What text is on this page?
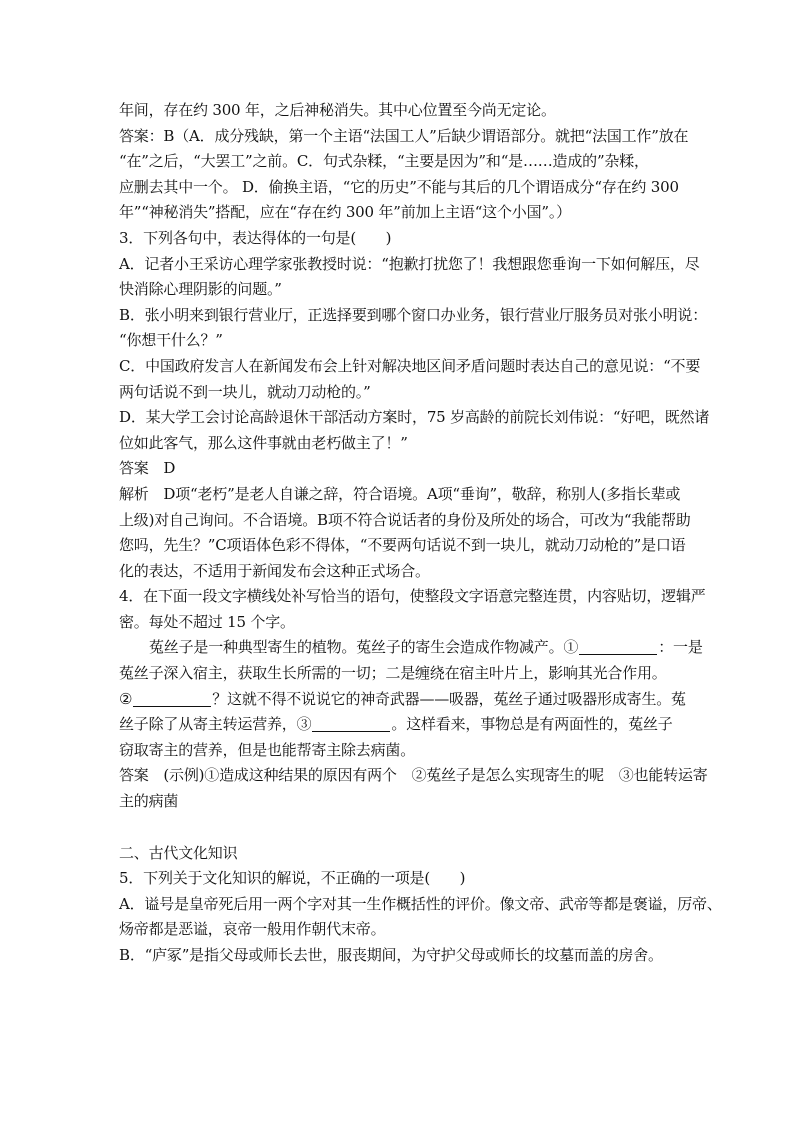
年间，存在约 300 年，之后神秘消失。其中心位置至今尚无定论。
答案：B（A．成分残缺，第一个主语“法国工人”后缺少谓语部分。就把“法国工作”放在
“在”之后，“大罢工”之前。C．句式杂糅，“主要是因为”和“是……造成的”杂糅，
应删去其中一个。 D．偷换主语，“它的历史”不能与其后的几个谓语成分“存在约 300
年”“神秘消失”搭配，应在“存在约 300 年”前加上主语“这个小国”。）
3．下列各句中，表达得体的一句是(　　)
A．记者小王采访心理学家张教授时说：“抱歉打扰您了！我想跟您垂询一下如何解压，尽
快消除心理阴影的问题。”
B．张小明来到银行营业厅，正选择要到哪个窗口办业务，银行营业厅服务员对张小明说：
“你想干什么？”
C．中国政府发言人在新闻发布会上针对解决地区间矛盾问题时表达自己的意见说：“不要
两句话说不到一块儿，就动刀动枪的。”
D．某大学工会讨论高龄退休干部活动方案时，75 岁高龄的前院长刘伟说：“好吧，既然诸
位如此客气，那么这件事就由老朽做主了！”
答案　D
解析　D项“老朽”是老人自谦之辞，符合语境。A项“垂询”，敬辞，称别人(多指长辈或
上级)对自己询问。不合语境。B项不符合说话者的身份及所处的场合，可改为“我能帮助
您吗，先生？”C项语体色彩不得体，“不要两句话说不到一块儿，就动刀动枪的”是口语
化的表达，不适用于新闻发布会这种正式场合。
4．在下面一段文字横线处补写恰当的语句，使整段文字语意完整连贯，内容贴切，逻辑严
密。每处不超过 15 个字。
菟丝子是一种典型寄生的植物。菟丝子的寄生会造成作物减产。①	：一是
菟丝子深入宿主，获取生长所需的一切；二是缠绕在宿主叶片上，影响其光合作用。
②	？这就不得不说说它的神奇武器——吸器，菟丝子通过吸器形成寄生。菟
丝子除了从寄主转运营养，③	。这样看来，事物总是有两面性的，菟丝子
窃取寄主的营养，但是也能帮寄主除去病菌。
答案　(示例)①造成这种结果的原因有两个　②菟丝子是怎么实现寄生的呢　③也能转运寄
主的病菌
二、古代文化知识
5．下列关于文化知识的解说，不正确的一项是(　　)
A．谥号是皇帝死后用一两个字对其一生作概括性的评价。像文帝、武帝等都是褒谥，厉帝、
炀帝都是恶谥，哀帝一般用作朝代末帝。
B．“庐冢”是指父母或师长去世，服丧期间，为守护父母或师长的坟墓而盖的房舍。
